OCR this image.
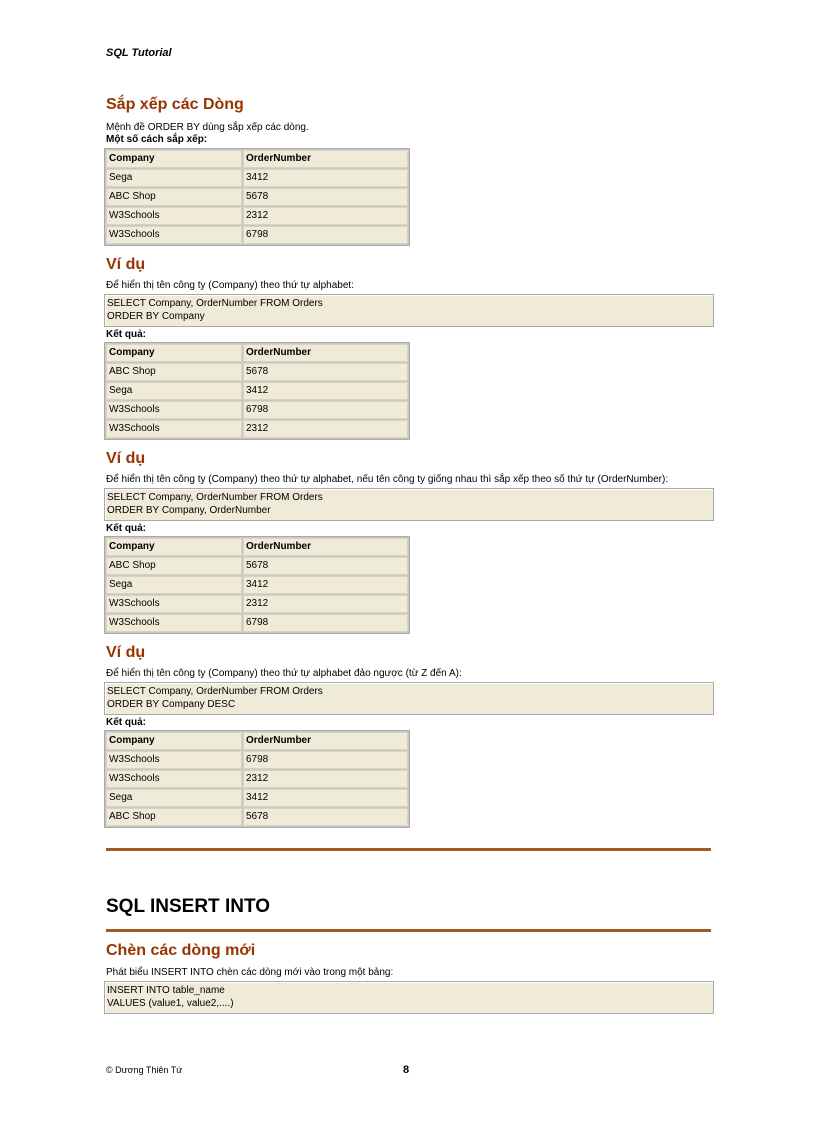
SQL Tutorial
Sắp xếp các Dòng
Mệnh đề ORDER BY dùng sắp xếp các dòng.
Một số cách sắp xếp:
Company	OrderNumber
Sega	3412
ABC Shop	5678
W3Schools	2312
W3Schools	6798
Ví dụ
Để hiển thị tên công ty (Company) theo thứ tự alphabet:
SELECT Company, OrderNumber FROM Orders
ORDER BY Company
Kết quả:
Company	OrderNumber
ABC Shop	5678
Sega	3412
W3Schools	6798
W3Schools	2312
Ví dụ
Để hiển thị tên công ty (Company) theo thứ tự alphabet, nếu tên công ty giống nhau thì sắp xếp theo số thứ tự (OrderNumber):
SELECT Company, OrderNumber FROM Orders
ORDER BY Company, OrderNumber
Kết quả:
Company	OrderNumber
ABC Shop	5678
Sega	3412
W3Schools	2312
W3Schools	6798
Ví dụ
Để hiển thị tên công ty (Company) theo thứ tự alphabet đảo ngược (từ Z đến A):
SELECT Company, OrderNumber FROM Orders
ORDER BY Company DESC
Kết quả:
Company	OrderNumber
W3Schools	6798
W3Schools	2312
Sega	3412
ABC Shop	5678
SQL INSERT INTO
Chèn các dòng mới
Phát biểu INSERT INTO chèn các dòng mới vào trong một bảng:
INSERT INTO table_name
VALUES (value1, value2,....)
© Dương Thiên Tứ	8
